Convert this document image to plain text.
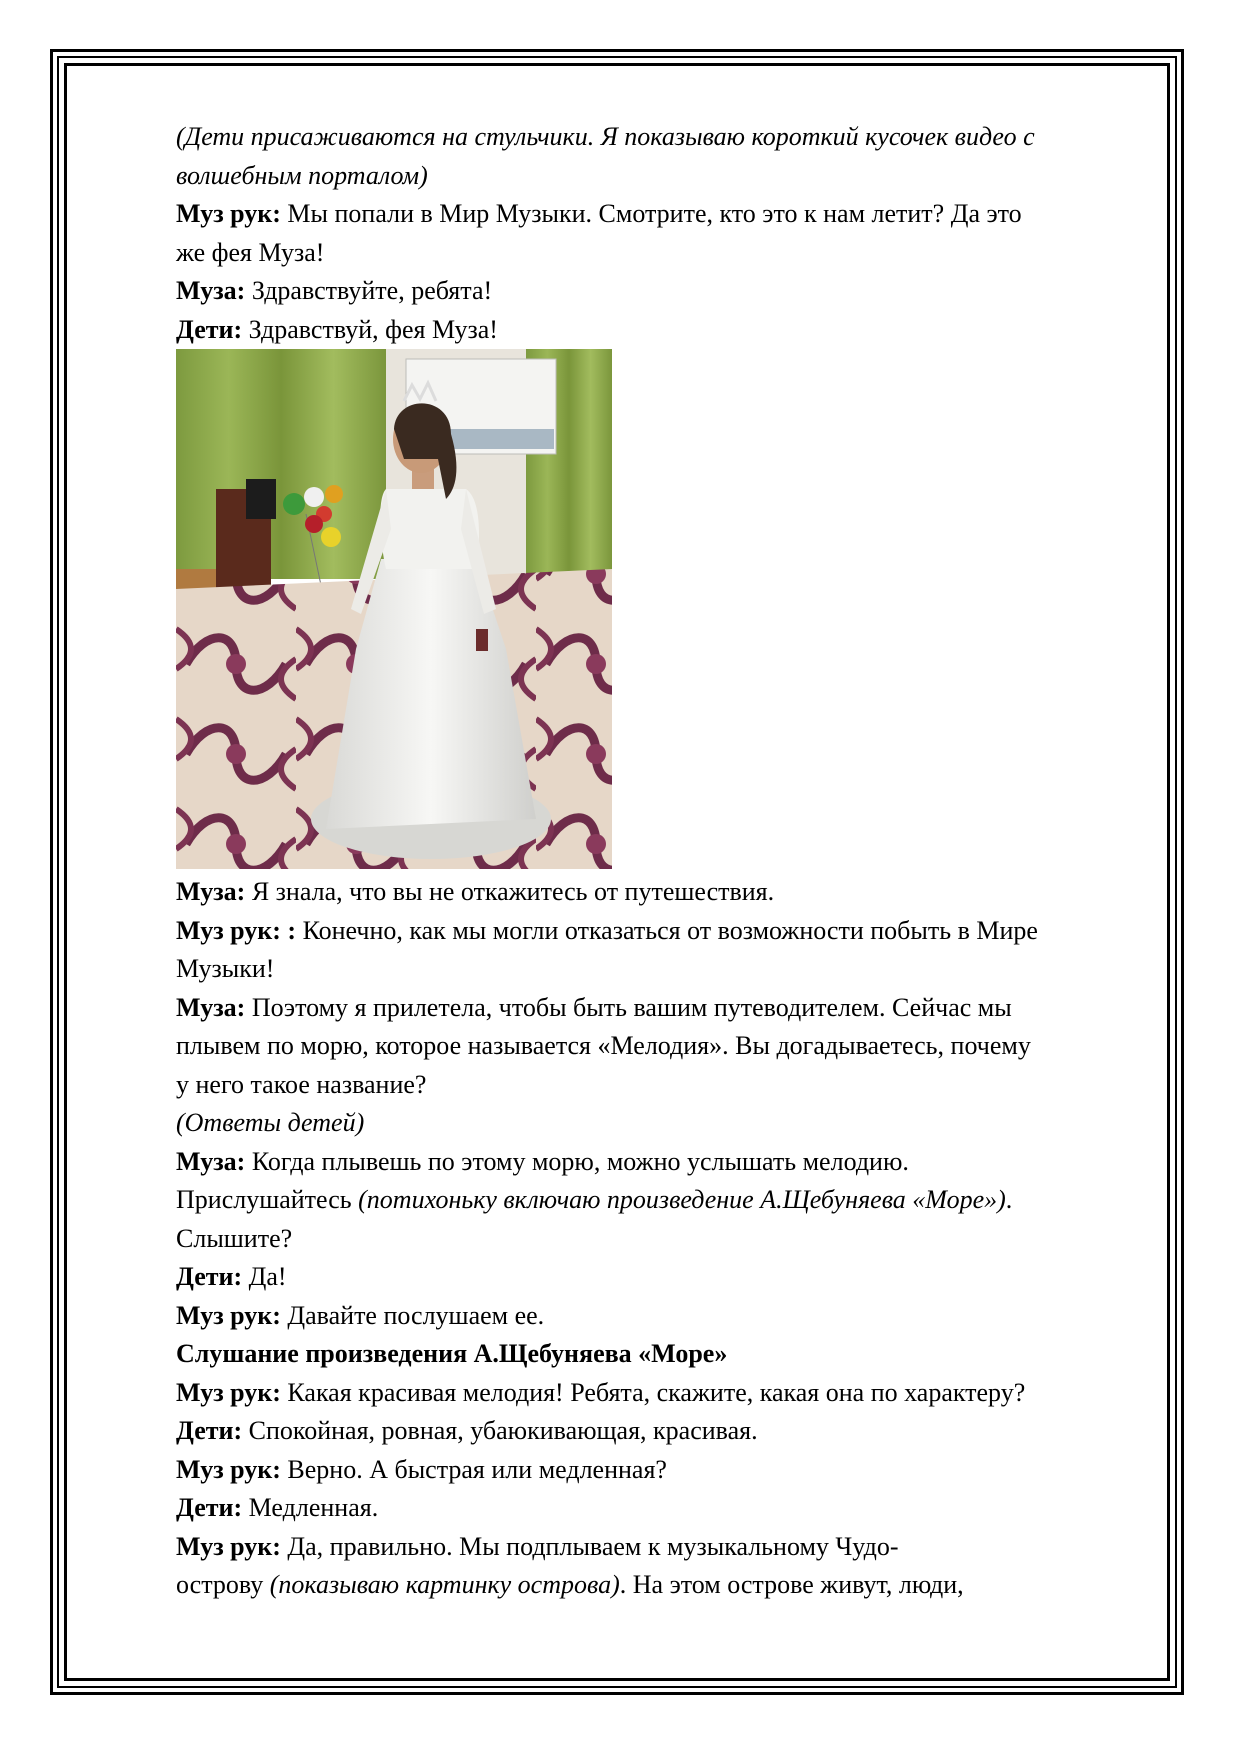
(Дети присаживаются на стульчики. Я показываю короткий кусочек видео с
волшебным порталом)
Муз рук: Мы попали в Мир Музыки. Смотрите, кто это к нам летит? Да это
же фея Муза!
Муза: Здравствуйте, ребята!
Дети: Здравствуй, фея Муза!
Муза: Я знала, что вы не откажитесь от путешествия.
Муз рук: : Конечно, как мы могли отказаться от возможности побыть в Мире
Музыки!
Муза: Поэтому я прилетела, чтобы быть вашим путеводителем. Сейчас мы
плывем по морю, которое называется «Мелодия». Вы догадываетесь, почему
у него такое название?
(Ответы детей)
Муза: Когда плывешь по этому морю, можно услышать мелодию.
Прислушайтесь (потихоньку включаю произведение А.Щебуняева «Море»).
Слышите?
Дети: Да!
Муз рук: Давайте послушаем ее.
Слушание произведения А.Щебуняева «Море»
Муз рук: Какая красивая мелодия! Ребята, скажите, какая она по характеру?
Дети: Спокойная, ровная, убаюкивающая, красивая.
Муз рук: Верно. А быстрая или медленная?
Дети: Медленная.
Муз рук: Да, правильно. Мы подплываем к музыкальному Чудо-
острову (показываю картинку острова). На этом острове живут, люди,
